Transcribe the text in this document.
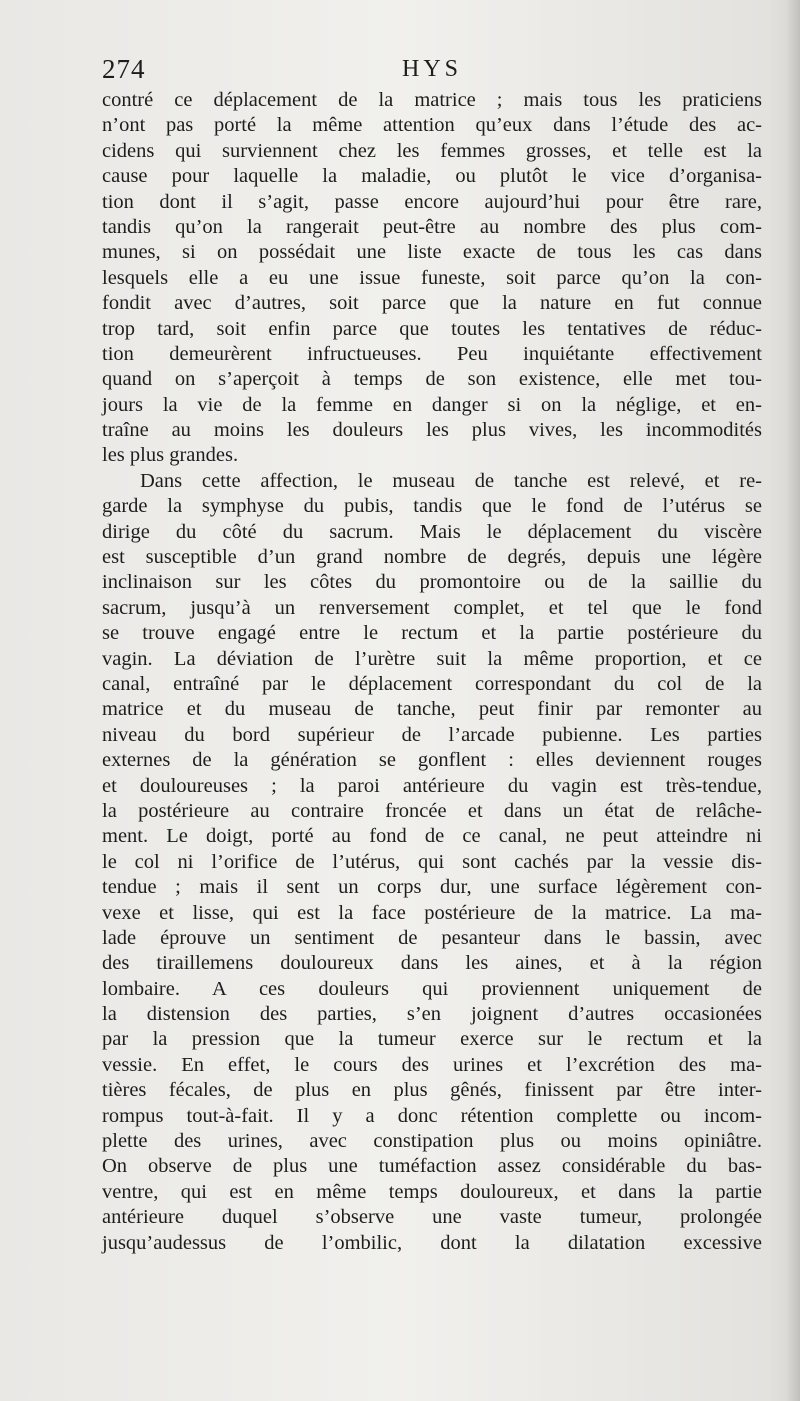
274	HYS
contré ce déplacement de la matrice ; mais tous les praticiens
n’ont pas porté la même attention qu’eux dans l’étude des ac-
cidens qui surviennent chez les femmes grosses, et telle est la
cause pour laquelle la maladie, ou plutôt le vice d’organisa-
tion dont il s’agit, passe encore aujourd’hui pour être rare,
tandis qu’on la rangerait peut-être au nombre des plus com-
munes, si on possédait une liste exacte de tous les cas dans
lesquels elle a eu une issue funeste, soit parce qu’on la con-
fondit avec d’autres, soit parce que la nature en fut connue
trop tard, soit enfin parce que toutes les tentatives de réduc-
tion demeurèrent infructueuses. Peu inquiétante effectivement
quand on s’aperçoit à temps de son existence, elle met tou-
jours la vie de la femme en danger si on la néglige, et en-
traîne au moins les douleurs les plus vives, les incommodités
les plus grandes.
Dans cette affection, le museau de tanche est relevé, et re-
garde la symphyse du pubis, tandis que le fond de l’utérus se
dirige du côté du sacrum. Mais le déplacement du viscère
est susceptible d’un grand nombre de degrés, depuis une légère
inclinaison sur les côtes du promontoire ou de la saillie du
sacrum, jusqu’à un renversement complet, et tel que le fond
se trouve engagé entre le rectum et la partie postérieure du
vagin. La déviation de l’urètre suit la même proportion, et ce
canal, entraîné par le déplacement correspondant du col de la
matrice et du museau de tanche, peut finir par remonter au
niveau du bord supérieur de l’arcade pubienne. Les parties
externes de la génération se gonflent : elles deviennent rouges
et douloureuses ; la paroi antérieure du vagin est très-tendue,
la postérieure au contraire froncée et dans un état de relâche-
ment. Le doigt, porté au fond de ce canal, ne peut atteindre ni
le col ni l’orifice de l’utérus, qui sont cachés par la vessie dis-
tendue ; mais il sent un corps dur, une surface légèrement con-
vexe et lisse, qui est la face postérieure de la matrice. La ma-
lade éprouve un sentiment de pesanteur dans le bassin, avec
des tiraillemens douloureux dans les aines, et à la région
lombaire. A ces douleurs qui proviennent uniquement de
la distension des parties, s’en joignent d’autres occasionées
par la pression que la tumeur exerce sur le rectum et la
vessie. En effet, le cours des urines et l’excrétion des ma-
tières fécales, de plus en plus gênés, finissent par être inter-
rompus tout-à-fait. Il y a donc rétention complette ou incom-
plette des urines, avec constipation plus ou moins opiniâtre.
On observe de plus une tuméfaction assez considérable du bas-
ventre, qui est en même temps douloureux, et dans la partie
antérieure duquel s’observe une vaste tumeur, prolongée
jusqu’audessus de l’ombilic, dont la dilatation excessive
